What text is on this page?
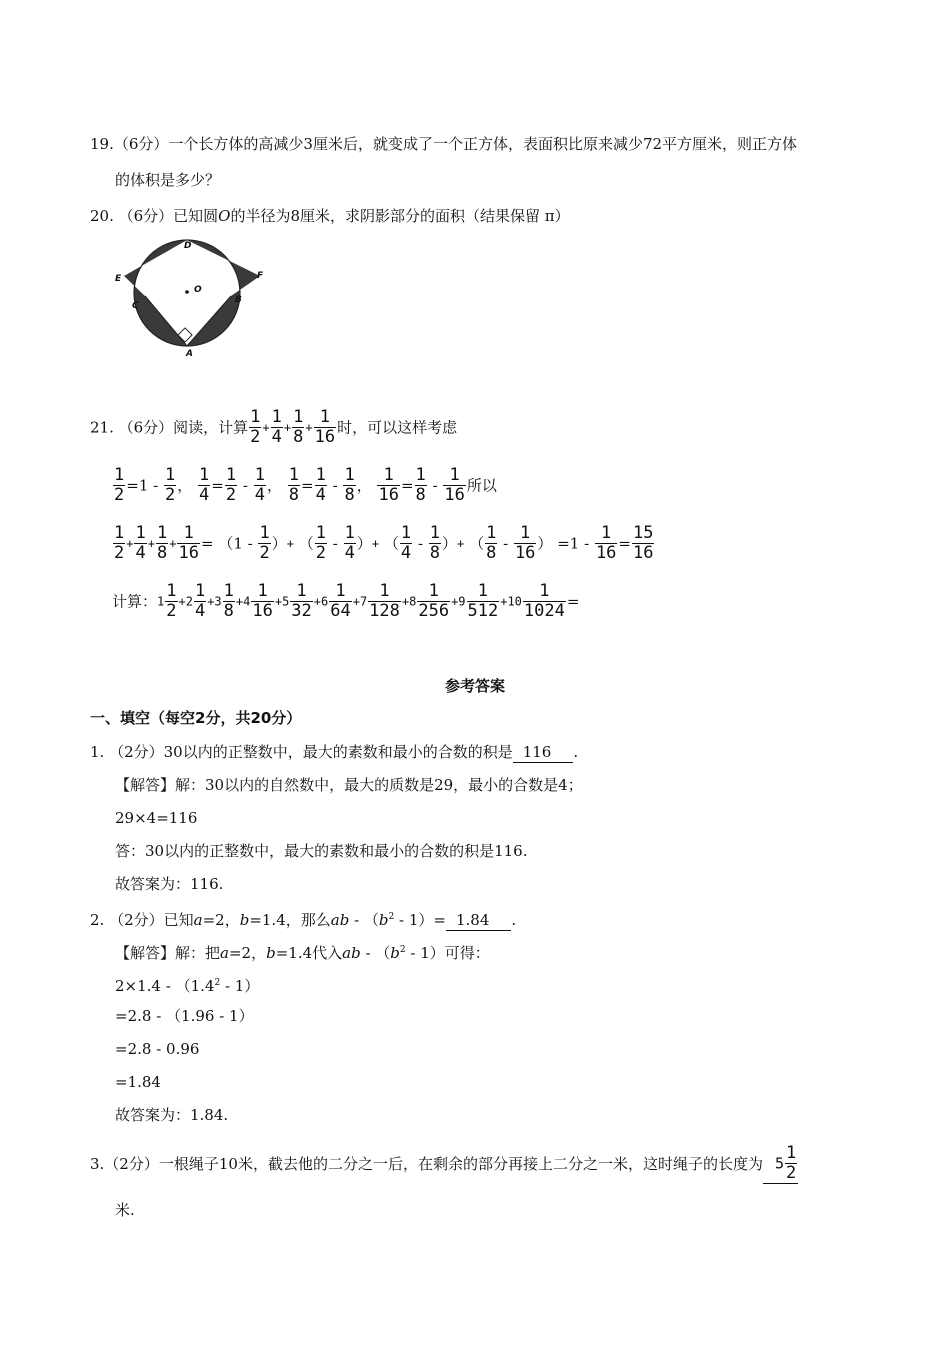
19.（6分）一个长方体的高减少3厘米后，就变成了一个正方体，表面积比原来减少72平方厘米，则正方体
的体积是多少？
20. （6分）已知圆O的半径为8厘米，求阴影部分的面积（结果保留 π）
D
E	F
C
B
O
A
21. （6分）阅读，计算 $\frac{1}{2} + \frac{1}{4} + \frac{1}{8} + \frac{1}{16}$ 时，可以这样考虑
$\frac{1}{2} =1 - \frac{1}{2}$ ， $\frac{1}{4} = \frac{1}{2} - \frac{1}{4}$ ， $\frac{1}{8} = \frac{1}{4} - \frac{1}{8}$ ， $\frac{1}{16} = \frac{1}{8} - \frac{1}{16}$ 所以
$\frac{1}{2} + \frac{1}{4} + \frac{1}{8} + \frac{1}{16} = (1 - \frac{1}{2}$ ）+ （ $\frac{1}{2} - \frac{1}{4}$ ）+ （ $\frac{1}{4} - \frac{1}{8}$ ）+ （ $\frac{1}{8} - \frac{1}{16}$ ） $=1 - \frac{1}{16} = \frac{15}{16}$
计算：$1 \frac{1}{2} +2 \frac{1}{4} +3 \frac{1}{8} +4 \frac{1}{16} +5 \frac{1}{32} +6 \frac{1}{64} +7 \frac{1}{128} +8 \frac{1}{256} +9 \frac{1}{512} +10 \frac{1}{1024}$ =
参考答案
一、填空（每空2分，共20分）
1. （2分）30以内的正整数中，最大的素数和最小的合数的积是 116 .
【解答】解：30以内的自然数中，最大的质数是29，最小的合数是4；
29×4=116
答：30以内的正整数中，最大的素数和最小的合数的积是116.
故答案为：116.
2. （2分）已知a=2，b=1.4，那么ab - $(b^2 - 1)= 1.84$ .
【解答】解：把a=2，b=1.4代入ab - $(b^2 - 1)$可得：
$2\times 1.4 - (1.4^2 - 1)$
=2.8 - （1.96 - 1）
=2.8 - 0.96
=1.84
故答案为：1.84.
3.（2分）一根绳子10米，截去他的二分之一后，在剩余的部分再接上二分之一米，这时绳子的长度为 $5 \frac{1}{2}$
米.
